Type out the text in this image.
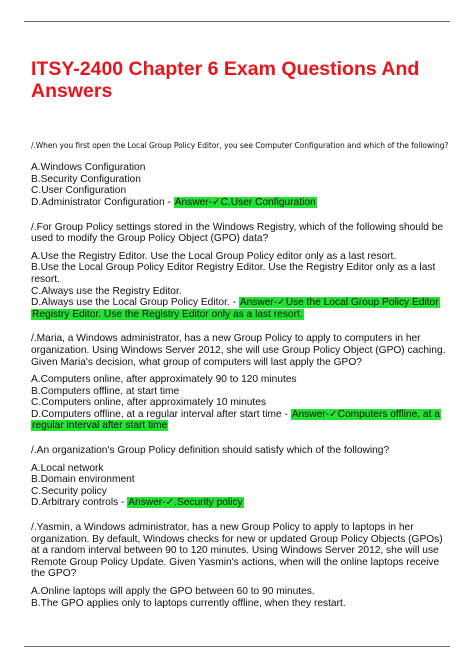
ITSY-2400 Chapter 6 Exam Questions And Answers

/.When you first open the Local Group Policy Editor, you see Computer Configuration and which of the following?

A.Windows Configuration

B.Security Configuration

C.User Configuration

D.Administrator Configuration - Answer-✓C.User Configuration

/.For Group Policy settings stored in the Windows Registry, which of the following should be used to modify the Group Policy Object (GPO) data?

A.Use the Registry Editor. Use the Local Group Policy editor only as a last resort.

B.Use the Local Group Policy Editor Registry Editor. Use the Registry Editor only as a last resort.

C.Always use the Registry Editor.

D.Always use the Local Group Policy Editor. - Answer-✓Use the Local Group Policy Editor Registry Editor. Use the Registry Editor only as a last resort.

/.Maria, a Windows administrator, has a new Group Policy to apply to computers in her organization. Using Windows Server 2012, she will use Group Policy Object (GPO) caching. Given Maria's decision, what group of computers will last apply the GPO?

A.Computers online, after approximately 90 to 120 minutes

B.Computers offline, at start time

C.Computers online, after approximately 10 minutes

D.Computers offline, at a regular interval after start time - Answer-✓Computers offline, at a regular interval after start time

/.An organization's Group Policy definition should satisfy which of the following?

A.Local network

B.Domain environment

C.Security policy

D.Arbitrary controls - Answer-✓.Security policy

/.Yasmin, a Windows administrator, has a new Group Policy to apply to laptops in her organization. By default, Windows checks for new or updated Group Policy Objects (GPOs) at a random interval between 90 to 120 minutes. Using Windows Server 2012, she will use Remote Group Policy Update. Given Yasmin's actions, when will the online laptops receive the GPO?

A.Online laptops will apply the GPO between 60 to 90 minutes.

B.The GPO applies only to laptops currently offline, when they restart.
